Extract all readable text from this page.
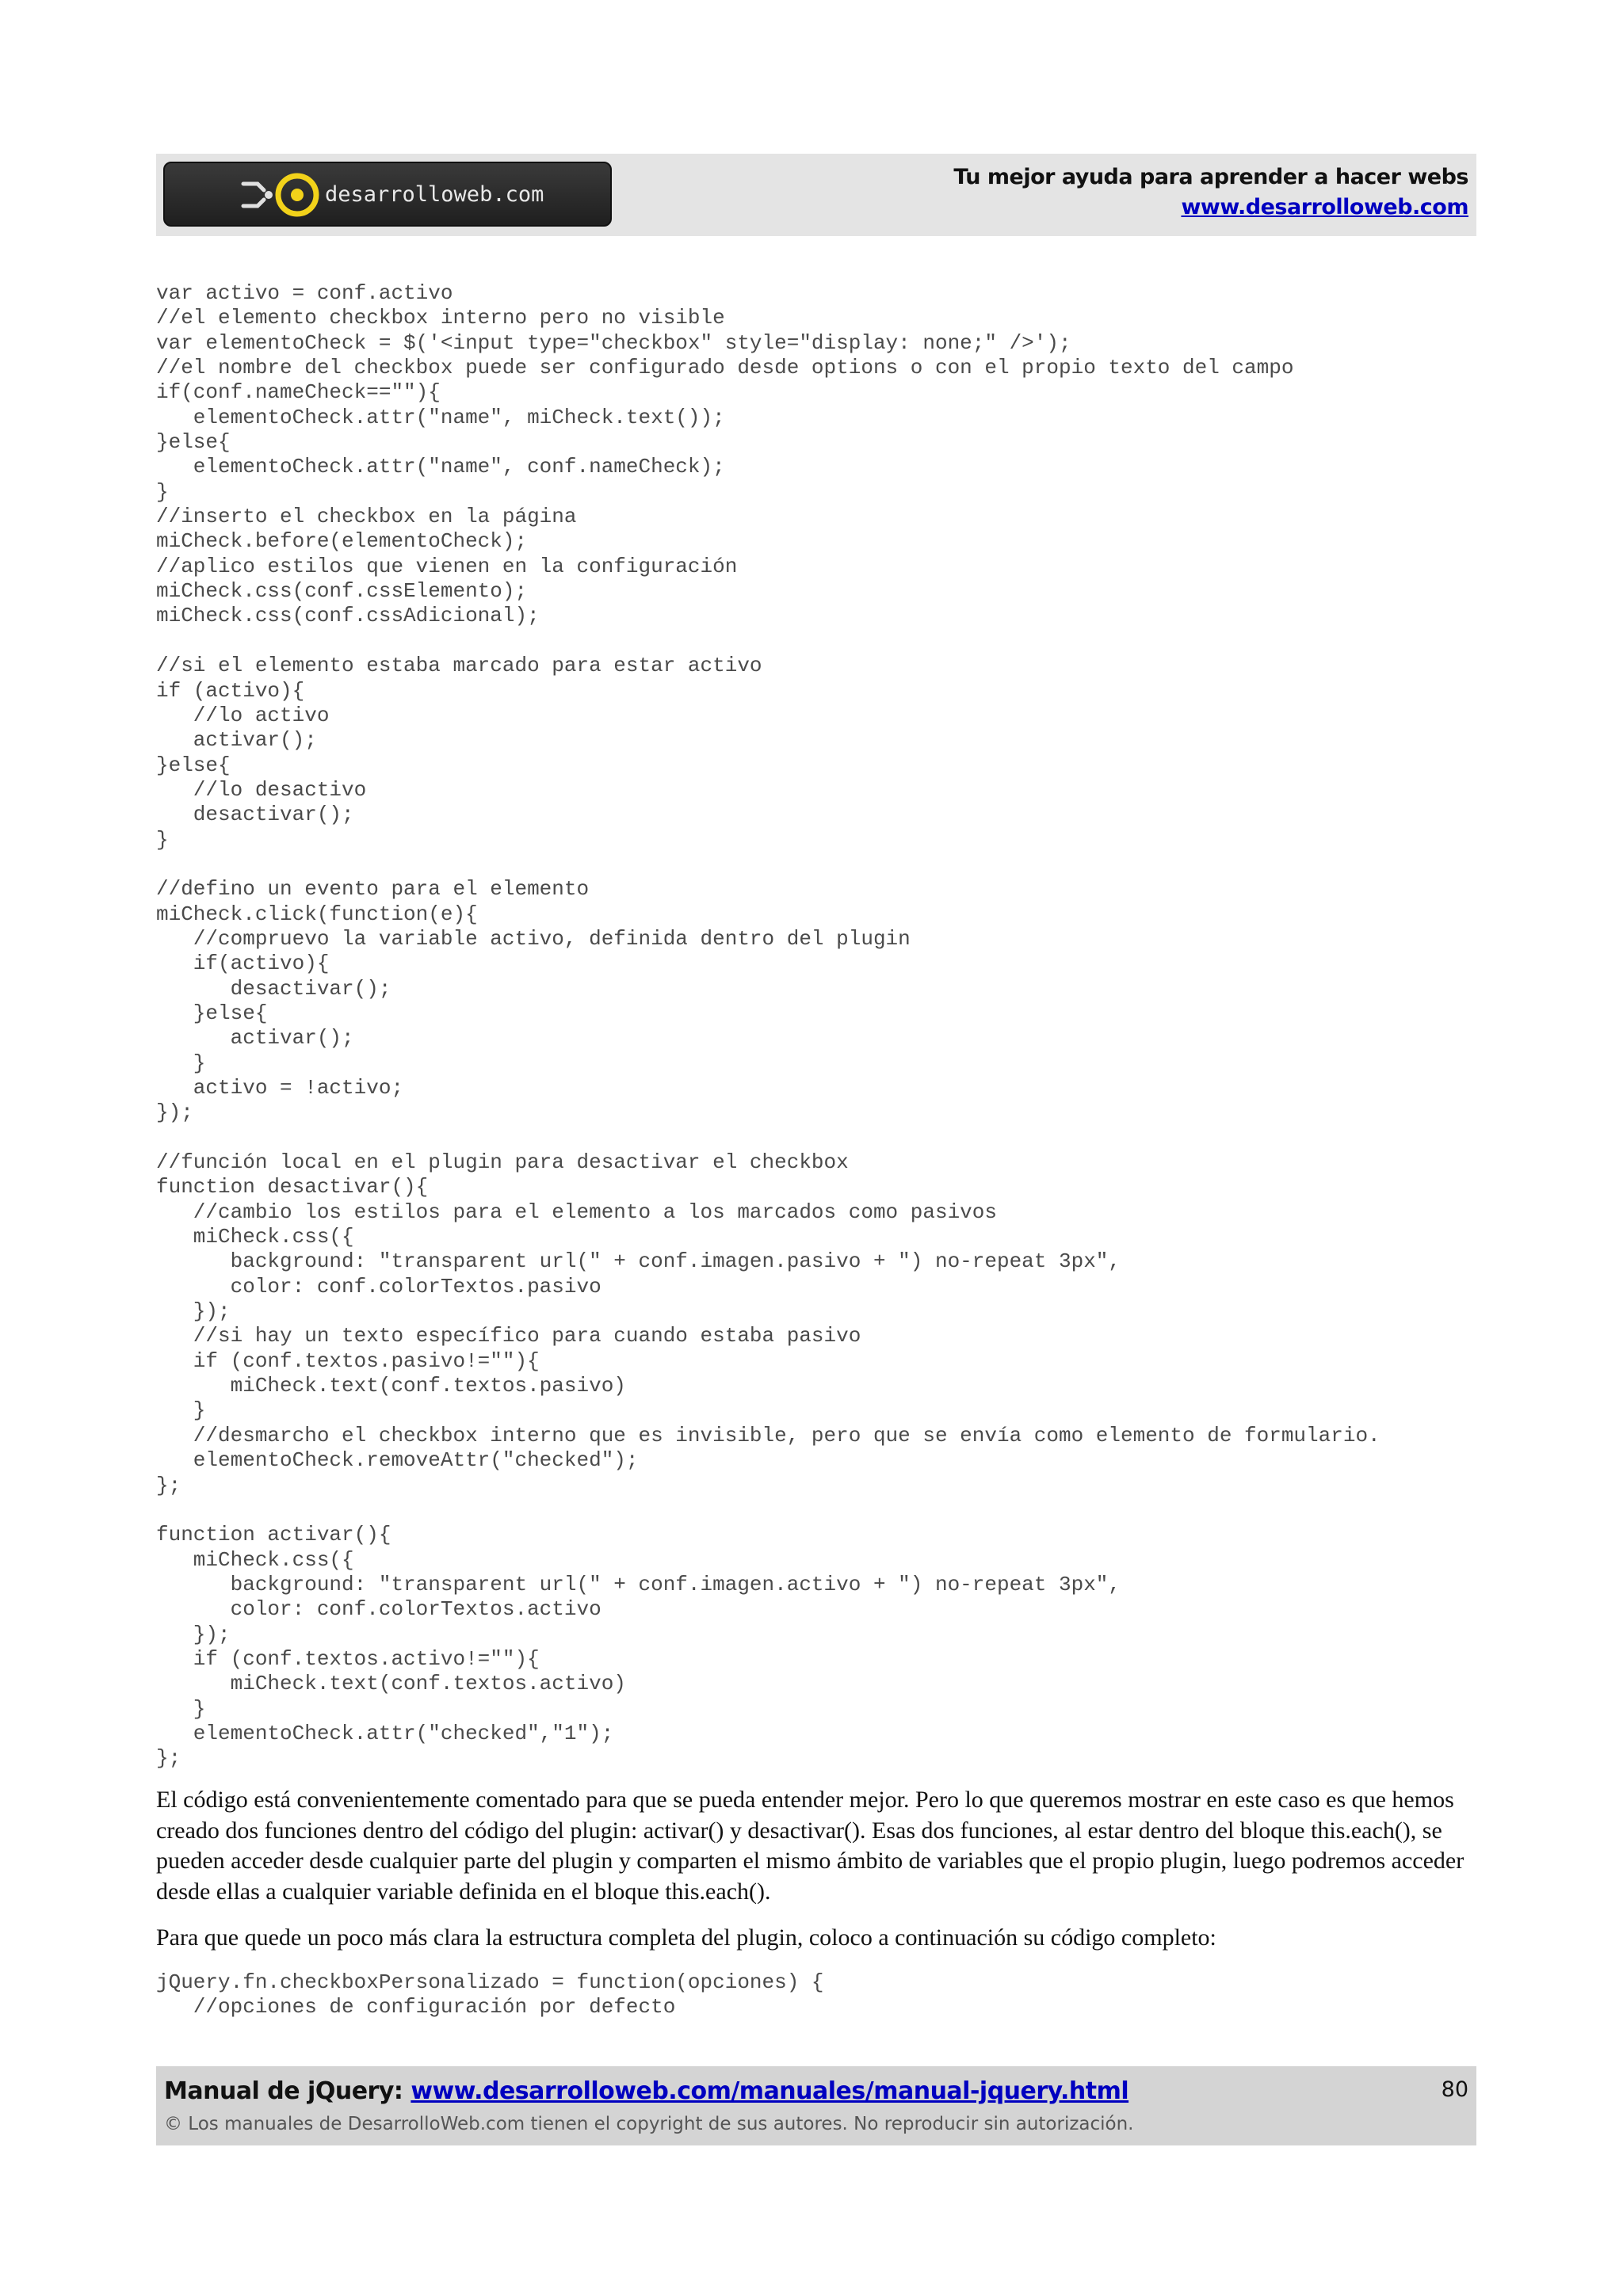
desarrolloweb.com
Tu mejor ayuda para aprender a hacer webs
www.desarrolloweb.com
var activo = conf.activo
//el elemento checkbox interno pero no visible
var elementoCheck = $('<input type="checkbox" style="display: none;" />');
//el nombre del checkbox puede ser configurado desde options o con el propio texto del campo
if(conf.nameCheck==""){
elementoCheck.attr("name", miCheck.text());
}else{
elementoCheck.attr("name", conf.nameCheck);
}
//inserto el checkbox en la página
miCheck.before(elementoCheck);
//aplico estilos que vienen en la configuración
miCheck.css(conf.cssElemento);
miCheck.css(conf.cssAdicional);

//si el elemento estaba marcado para estar activo
if (activo){
//lo activo
activar();
}else{
//lo desactivo
desactivar();
}

//defino un evento para el elemento
miCheck.click(function(e){
//compruevo la variable activo, definida dentro del plugin
if(activo){
desactivar();
}else{
activar();
}
activo = !activo;
});

//función local en el plugin para desactivar el checkbox
function desactivar(){
//cambio los estilos para el elemento a los marcados como pasivos
miCheck.css({
background: "transparent url(" + conf.imagen.pasivo + ") no-repeat 3px",
color: conf.colorTextos.pasivo
});
//si hay un texto específico para cuando estaba pasivo
if (conf.textos.pasivo!=""){
miCheck.text(conf.textos.pasivo)
}
//desmarcho el checkbox interno que es invisible, pero que se envía como elemento de formulario.
elementoCheck.removeAttr("checked");
};

function activar(){
miCheck.css({
background: "transparent url(" + conf.imagen.activo + ") no-repeat 3px",
color: conf.colorTextos.activo
});
if (conf.textos.activo!=""){
miCheck.text(conf.textos.activo)
}
elementoCheck.attr("checked","1");
};

El código está convenientemente comentado para que se pueda entender mejor. Pero lo que queremos mostrar en este caso es que hemos creado dos funciones dentro del código del plugin: activar() y desactivar(). Esas dos funciones, al estar dentro del bloque this.each(), se pueden acceder desde cualquier parte del plugin y comparten el mismo ámbito de variables que el propio plugin, luego podremos acceder desde ellas a cualquier variable definida en el bloque this.each().

Para que quede un poco más clara la estructura completa del plugin, coloco a continuación su código completo:

jQuery.fn.checkboxPersonalizado = function(opciones) {
//opciones de configuración por defecto
Manual de jQuery: www.desarrolloweb.com/manuales/manual-jquery.html	80
© Los manuales de DesarrolloWeb.com tienen el copyright de sus autores. No reproducir sin autorización.
